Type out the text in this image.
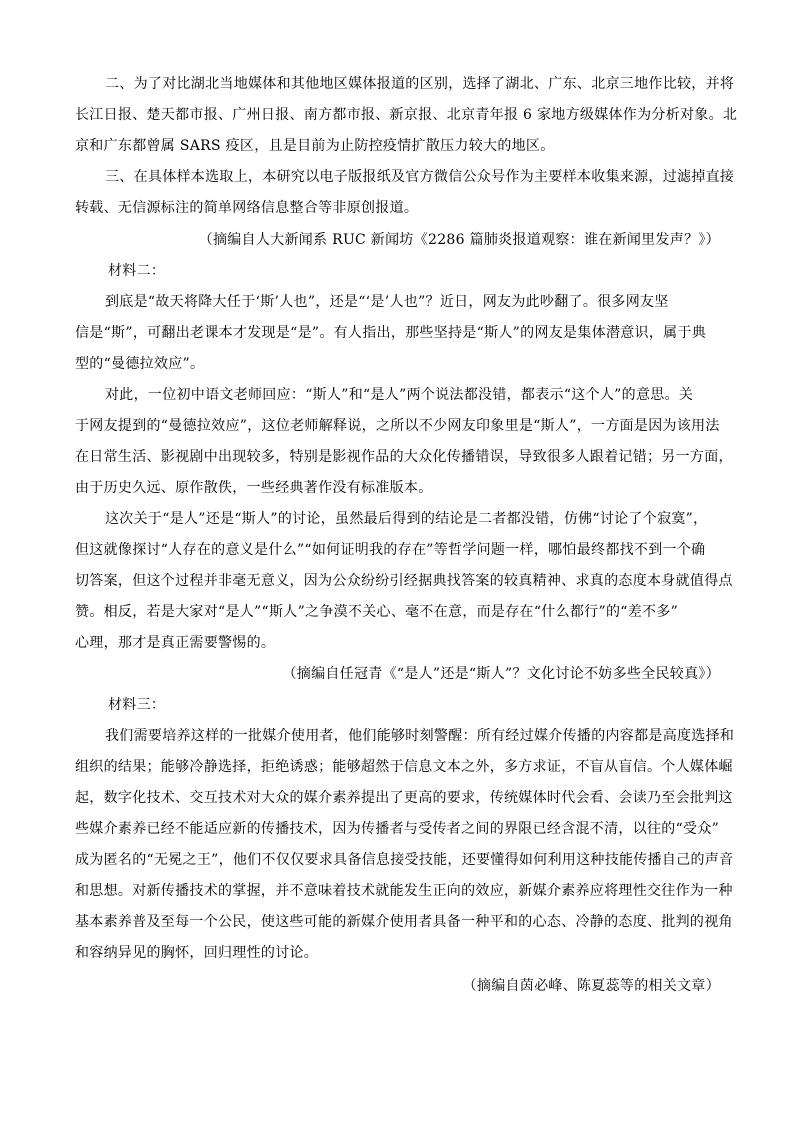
二、为了对比湖北当地媒体和其他地区媒体报道的区别，选择了湖北、广东、北京三地作比较，并将
长江日报、楚天都市报、广州日报、南方都市报、新京报、北京青年报 6 家地方级媒体作为分析对象。北
京和广东都曾属 SARS 疫区，且是目前为止防控疫情扩散压力较大的地区。
三、在具体样本选取上，本研究以电子版报纸及官方微信公众号作为主要样本收集来源，过滤掉直接
转载、无信源标注的简单网络信息整合等非原创报道。
（摘编自人大新闻系 RUC 新闻坊《2286 篇肺炎报道观察：谁在新闻里发声？》）
材料二：
到底是“故天将降大任于‘斯’人也”，还是“‘是’人也”？近日，网友为此吵翻了。很多网友坚
信是“斯”，可翻出老课本才发现是“是”。有人指出，那些坚持是“斯人”的网友是集体潜意识，属于典
型的“曼德拉效应”。
对此，一位初中语文老师回应：“斯人”和“是人”两个说法都没错，都表示“这个人”的意思。关
于网友提到的“曼德拉效应”，这位老师解释说，之所以不少网友印象里是“斯人”，一方面是因为该用法
在日常生活、影视剧中出现较多，特别是影视作品的大众化传播错误，导致很多人跟着记错；另一方面，
由于历史久远、原作散佚，一些经典著作没有标准版本。
这次关于“是人”还是“斯人”的讨论，虽然最后得到的结论是二者都没错，仿佛“讨论了个寂寞”，
但这就像探讨“人存在的意义是什么”“如何证明我的存在”等哲学问题一样，哪怕最终都找不到一个确
切答案，但这个过程并非毫无意义，因为公众纷纷引经据典找答案的较真精神、求真的态度本身就值得点
赞。相反，若是大家对“是人”“斯人”之争漠不关心、毫不在意，而是存在“什么都行”的“差不多”
心理，那才是真正需要警惕的。
（摘编自任冠青《“是人”还是“斯人”？文化讨论不妨多些全民较真》）
材料三：
我们需要培养这样的一批媒介使用者，他们能够时刻警醒：所有经过媒介传播的内容都是高度选择和
组织的结果；能够冷静选择，拒绝诱惑；能够超然于信息文本之外，多方求证，不盲从盲信。个人媒体崛
起，数字化技术、交互技术对大众的媒介素养提出了更高的要求，传统媒体时代会看、会读乃至会批判这
些媒介素养已经不能适应新的传播技术，因为传播者与受传者之间的界限已经含混不清，以往的“受众”
成为匿名的“无冕之王”，他们不仅仅要求具备信息接受技能，还要懂得如何利用这种技能传播自己的声音
和思想。对新传播技术的掌握，并不意味着技术就能发生正向的效应，新媒介素养应将理性交往作为一种
基本素养普及至每一个公民，使这些可能的新媒介使用者具备一种平和的心态、冷静的态度、批判的视角
和容纳异见的胸怀，回归理性的讨论。
（摘编自茵必峰、陈夏蕊等的相关文章）
